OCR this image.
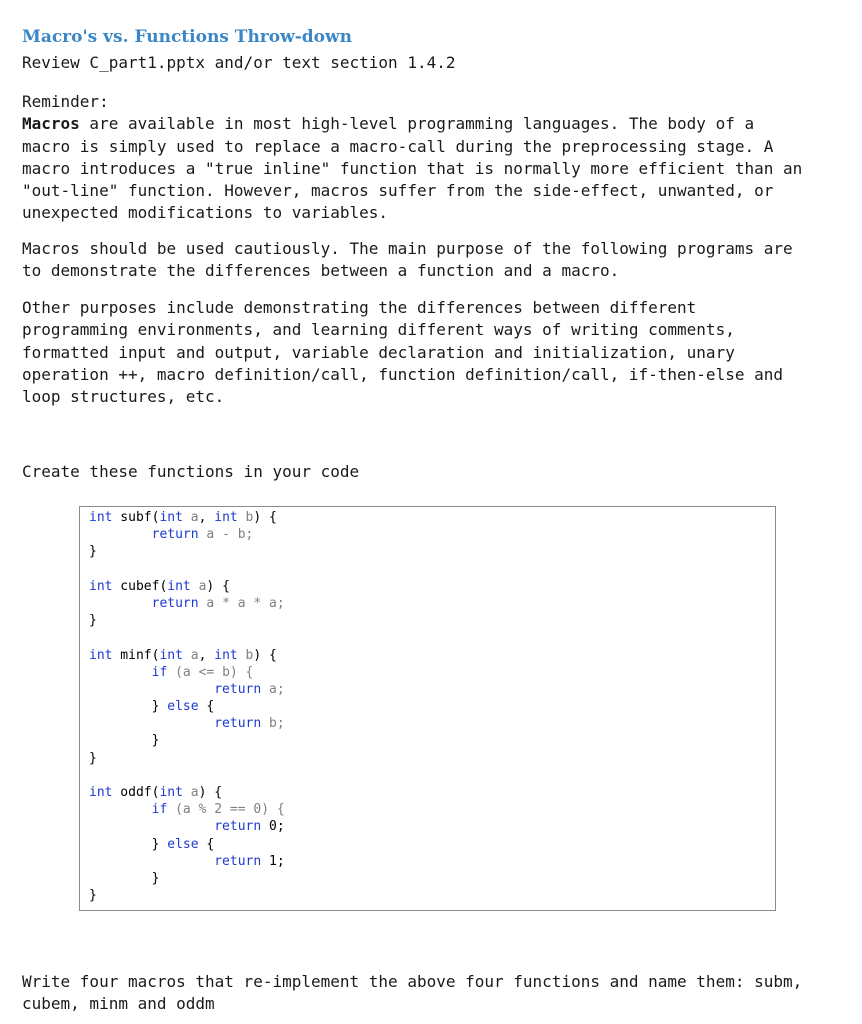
Macro's vs. Functions Throw-down

Review C_part1.pptx and/or text section 1.4.2

Reminder:
Macros are available in most high-level programming languages. The body of a
macro is simply used to replace a macro-call during the preprocessing stage. A
macro introduces a "true inline" function that is normally more efficient than an
"out-line" function. However, macros suffer from the side-effect, unwanted, or
unexpected modifications to variables.
Macros should be used cautiously. The main purpose of the following programs are
to demonstrate the differences between a function and a macro.
Other purposes include demonstrating the differences between different
programming environments, and learning different ways of writing comments,
formatted input and output, variable declaration and initialization, unary
operation ++, macro definition/call, function definition/call, if-then-else and
loop structures, etc.
Create these functions in your code
int subf(int a, int b) {
return a - b;
}
int cubef(int a) {
return a * a * a;
}
int minf(int a, int b) {
if (a <= b) {
return a;
} else {
return b;
}
}
int oddf(int a) {
if (a % 2 == 0) {
return 0;
} else {
return 1;
}
}
Write four macros that re-implement the above four functions and name them: subm,
cubem, minm and oddm
